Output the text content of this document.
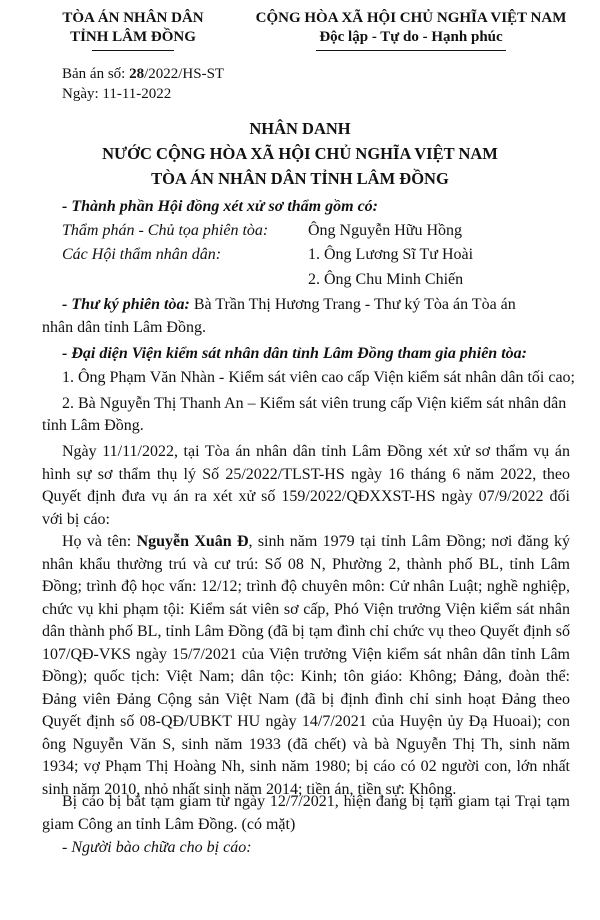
TÒA ÁN NHÂN DÂN
TỈNH LÂM ĐỒNG
CỘNG HÒA XÃ HỘI CHỦ NGHĨA VIỆT NAM
Độc lập - Tự do - Hạnh phúc
Bản án số: 28/2022/HS-ST
Ngày: 11-11-2022
NHÂN DANH
NƯỚC CỘNG HÒA XÃ HỘI CHỦ NGHĨA VIỆT NAM
TÒA ÁN NHÂN DÂN TỈNH LÂM ĐỒNG
- Thành phần Hội đồng xét xử sơ thẩm gồm có:
Thẩm phán - Chủ tọa phiên tòa: Ông Nguyễn Hữu Hồng
Các Hội thẩm nhân dân:	1. Ông Lương Sĩ Tư Hoài
2. Ông Chu Minh Chiến
- Thư ký phiên tòa: Bà Trần Thị Hương Trang - Thư ký Tòa án Tòa án
nhân dân tỉnh Lâm Đồng.
- Đại diện Viện kiểm sát nhân dân tỉnh Lâm Đồng tham gia phiên tòa:
1. Ông Phạm Văn Nhàn - Kiểm sát viên cao cấp Viện kiểm sát nhân dân tối cao;
2. Bà Nguyễn Thị Thanh An – Kiểm sát viên trung cấp Viện kiểm sát nhân dân
tỉnh Lâm Đồng.
Ngày 11/11/2022, tại Tòa án nhân dân tỉnh Lâm Đồng xét xử sơ thẩm vụ án hình sự sơ thẩm thụ lý Số 25/2022/TLST-HS ngày 16 tháng 6 năm 2022, theo Quyết định đưa vụ án ra xét xử số 159/2022/QĐXXST-HS ngày 07/9/2022 đối với bị cáo:
Họ và tên: Nguyễn Xuân Đ, sinh năm 1979 tại tỉnh Lâm Đồng; nơi đăng ký nhân khẩu thường trú và cư trú: Số 08 N, Phường 2, thành phố BL, tỉnh Lâm Đồng; trình độ học vấn: 12/12; trình độ chuyên môn: Cử nhân Luật; nghề nghiệp, chức vụ khi phạm tội: Kiểm sát viên sơ cấp, Phó Viện trưởng Viện kiểm sát nhân dân thành phố BL, tỉnh Lâm Đồng (đã bị tạm đình chỉ chức vụ theo Quyết định số 107/QĐ-VKS ngày 15/7/2021 của Viện trưởng Viện kiểm sát nhân dân tỉnh Lâm Đồng); quốc tịch: Việt Nam; dân tộc: Kinh; tôn giáo: Không; Đảng, đoàn thể: Đảng viên Đảng Cộng sản Việt Nam (đã bị định đình chỉ sinh hoạt Đảng theo Quyết định số 08-QĐ/UBKT HU ngày 14/7/2021 của Huyện ủy Đạ Huoai); con ông Nguyễn Văn S, sinh năm 1933 (đã chết) và bà Nguyễn Thị Th, sinh năm 1934; vợ Phạm Thị Hoàng Nh, sinh năm 1980; bị cáo có 02 người con, lớn nhất sinh năm 2010, nhỏ nhất sinh năm 2014; tiền án, tiền sự: Không.
Bị cáo bị bắt tạm giam từ ngày 12/7/2021, hiện đang bị tạm giam tại Trại tạm giam Công an tỉnh Lâm Đồng. (có mặt)
- Người bào chữa cho bị cáo:
